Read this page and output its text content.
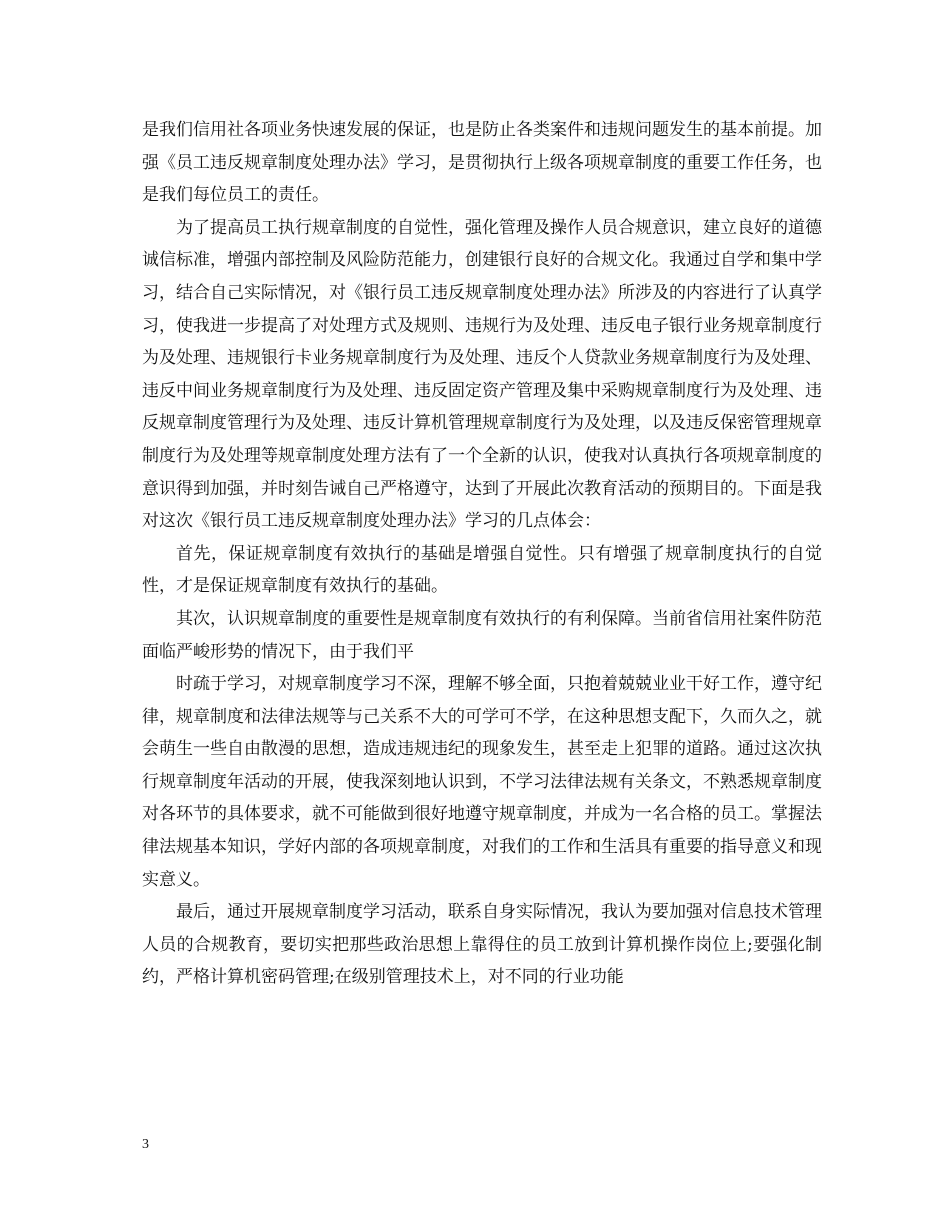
是我们信用社各项业务快速发展的保证，也是防止各类案件和违规问题发生的基本前提。加强《员工违反规章制度处理办法》学习，是贯彻执行上级各项规章制度的重要工作任务，也是我们每位员工的责任。

为了提高员工执行规章制度的自觉性，强化管理及操作人员合规意识，建立良好的道德诚信标准，增强内部控制及风险防范能力，创建银行良好的合规文化。我通过自学和集中学习，结合自己实际情况，对《银行员工违反规章制度处理办法》所涉及的内容进行了认真学习，使我进一步提高了对处理方式及规则、违规行为及处理、违反电子银行业务规章制度行为及处理、违规银行卡业务规章制度行为及处理、违反个人贷款业务规章制度行为及处理、违反中间业务规章制度行为及处理、违反固定资产管理及集中采购规章制度行为及处理、违反规章制度管理行为及处理、违反计算机管理规章制度行为及处理，以及违反保密管理规章制度行为及处理等规章制度处理方法有了一个全新的认识，使我对认真执行各项规章制度的意识得到加强，并时刻告诫自己严格遵守，达到了开展此次教育活动的预期目的。下面是我对这次《银行员工违反规章制度处理办法》学习的几点体会：

首先，保证规章制度有效执行的基础是增强自觉性。只有增强了规章制度执行的自觉性，才是保证规章制度有效执行的基础。

其次，认识规章制度的重要性是规章制度有效执行的有利保障。当前省信用社案件防范面临严峻形势的情况下，由于我们平

时疏于学习，对规章制度学习不深，理解不够全面，只抱着兢兢业业干好工作，遵守纪律，规章制度和法律法规等与己关系不大的可学可不学，在这种思想支配下，久而久之，就会萌生一些自由散漫的思想，造成违规违纪的现象发生，甚至走上犯罪的道路。通过这次执行规章制度年活动的开展，使我深刻地认识到，不学习法律法规有关条文，不熟悉规章制度对各环节的具体要求，就不可能做到很好地遵守规章制度，并成为一名合格的员工。掌握法律法规基本知识，学好内部的各项规章制度，对我们的工作和生活具有重要的指导意义和现实意义。

最后，通过开展规章制度学习活动，联系自身实际情况，我认为要加强对信息技术管理人员的合规教育，要切实把那些政治思想上靠得住的员工放到计算机操作岗位上;要强化制约，严格计算机密码管理;在级别管理技术上，对不同的行业功能

3
